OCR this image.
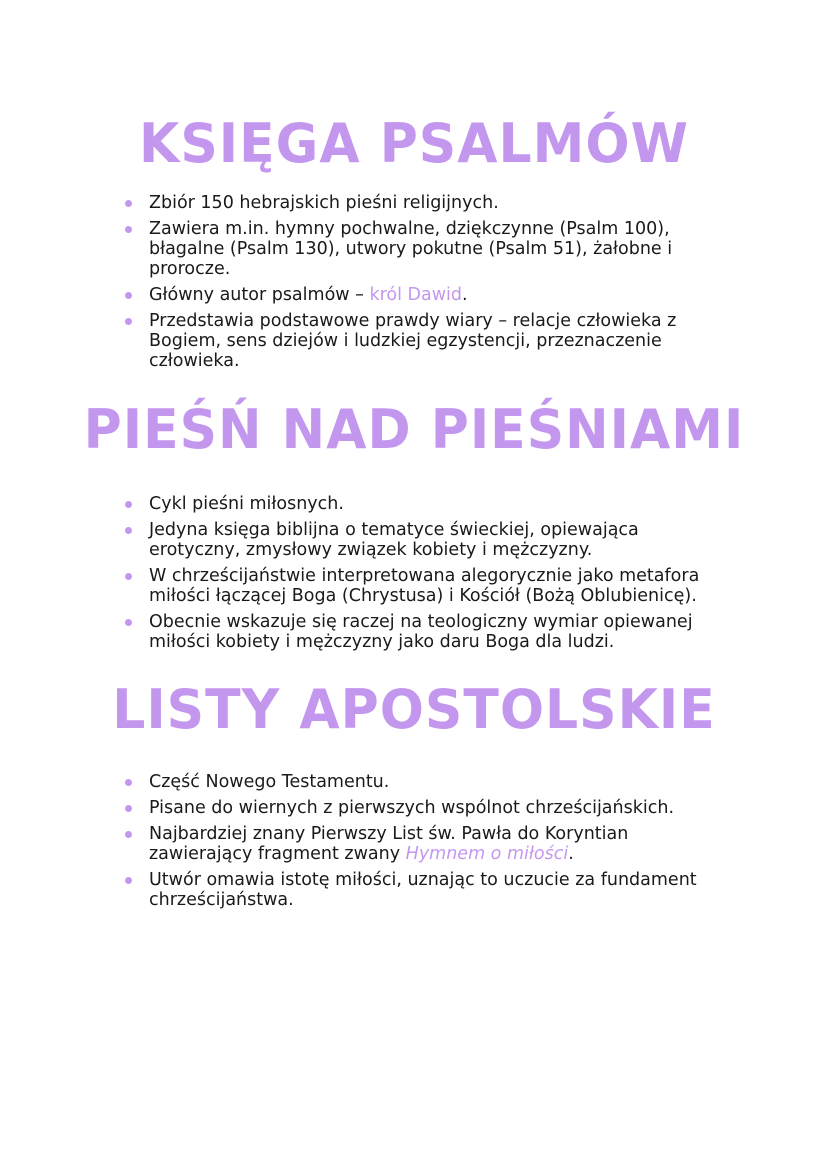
KSIĘGA PSALMÓW
Zbiór 150 hebrajskich pieśni religijnych.
Zawiera m.in. hymny pochwalne, dziękczynne (Psalm 100), błagalne (Psalm 130), utwory pokutne (Psalm 51), żałobne i prorocze.
Główny autor psalmów – król Dawid.
Przedstawia podstawowe prawdy wiary – relacje człowieka z Bogiem, sens dziejów i ludzkiej egzystencji, przeznaczenie człowieka.
PIEŚŃ NAD PIEŚNIAMI
Cykl pieśni miłosnych.
Jedyna księga biblijna o tematyce świeckiej, opiewająca erotyczny, zmysłowy związek kobiety i mężczyzny.
W chrześcijaństwie interpretowana alegorycznie jako metafora miłości łączącej Boga (Chrystusa) i Kościół (Bożą Oblubienicę).
Obecnie wskazuje się raczej na teologiczny wymiar opiewanej miłości kobiety i mężczyzny jako daru Boga dla ludzi.
LISTY APOSTOLSKIE
Część Nowego Testamentu.
Pisane do wiernych z pierwszych wspólnot chrześcijańskich.
Najbardziej znany Pierwszy List św. Pawła do Koryntian zawierający fragment zwany Hymnem o miłości.
Utwór omawia istotę miłości, uznając to uczucie za fundament chrześcijaństwa.
